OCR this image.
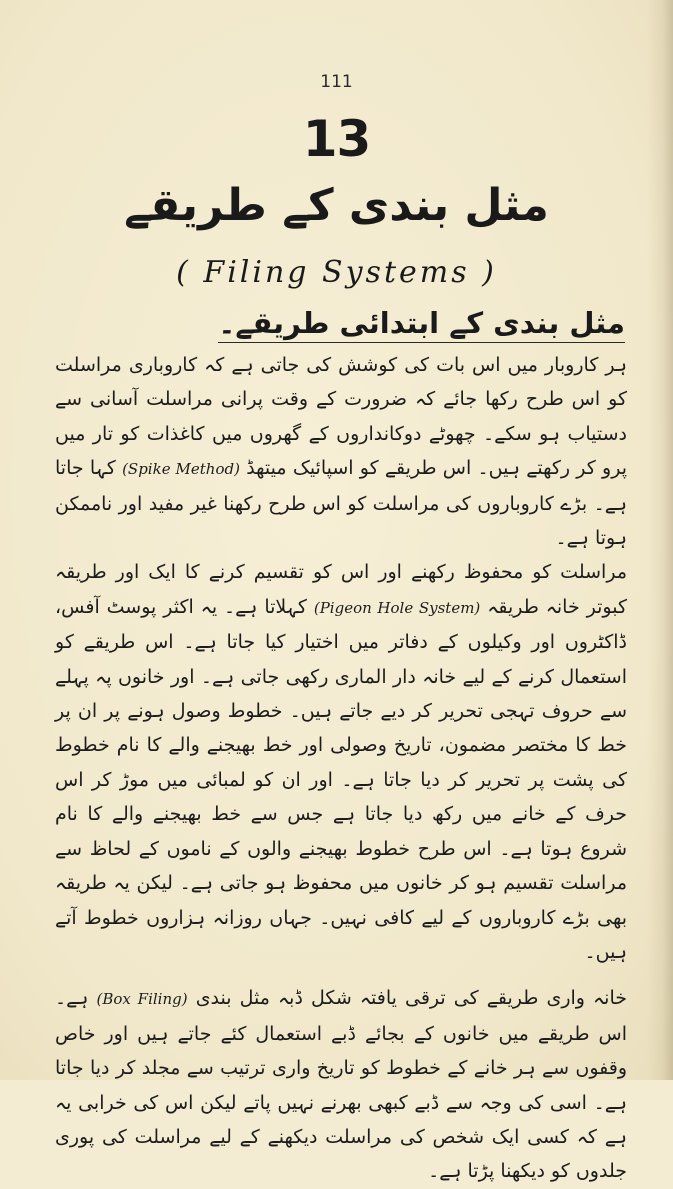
111

13
مثل بندی کے طریقے

( Filing Systems )

مثل بندی کے ابتدائی طریقے۔

ہر کاروبار میں اس بات کی کوشش کی جاتی ہے کہ کاروباری مراسلت کو اس طرح رکھا جائے کہ ضرورت کے وقت پرانی مراسلت آسانی سے دستیاب ہو سکے۔ چھوٹے دوکانداروں کے گھروں میں کاغذات کو تار میں پرو کر رکھتے ہیں۔ اس طریقے کو اسپائیک میتھڈ (Spike Method) کہا جاتا ہے۔ بڑے کاروباروں کی مراسلت کو اس طرح رکھنا غیر مفید اور ناممکن ہوتا ہے۔

مراسلت کو محفوظ رکھنے اور اس کو تقسیم کرنے کا ایک اور طریقہ کبوتر خانہ طریقہ (Pigeon Hole System) کہلاتا ہے۔ یہ اکثر پوسٹ آفس، ڈاکٹروں اور وکیلوں کے دفاتر میں اختیار کیا جاتا ہے۔ اس طریقے کو استعمال کرنے کے لیے خانہ دار الماری رکھی جاتی ہے۔ اور خانوں پہ پہلے سے حروف تہجی تحریر کر دیے جاتے ہیں۔ خطوط وصول ہونے پر ان پر خط کا مختصر مضمون، تاریخ وصولی اور خط بھیجنے والے کا نام خطوط کی پشت پر تحریر کر دیا جاتا ہے۔ اور ان کو لمبائی میں موڑ کر اس حرف کے خانے میں رکھ دیا جاتا ہے جس سے خط بھیجنے والے کا نام شروع ہوتا ہے۔ اس طرح خطوط بھیجنے والوں کے ناموں کے لحاظ سے مراسلت تقسیم ہو کر خانوں میں محفوظ ہو جاتی ہے۔ لیکن یہ طریقہ بھی بڑے کاروباروں کے لیے کافی نہیں۔ جہاں روزانہ ہزاروں خطوط آتے ہیں۔

خانہ واری طریقے کی ترقی یافتہ شکل ڈبہ مثل بندی (Box Filing) ہے۔ اس طریقے میں خانوں کے بجائے ڈبے استعمال کئے جاتے ہیں اور خاص وقفوں سے ہر خانے کے خطوط کو تاریخ واری ترتیب سے مجلد کر دیا جاتا ہے۔ اسی کی وجہ سے ڈبے کبھی بھرنے نہیں پاتے لیکن اس کی خرابی یہ ہے کہ کسی ایک شخص کی مراسلت دیکھنے کے لیے مراسلت کی پوری جلدوں کو دیکھنا پڑتا ہے۔
